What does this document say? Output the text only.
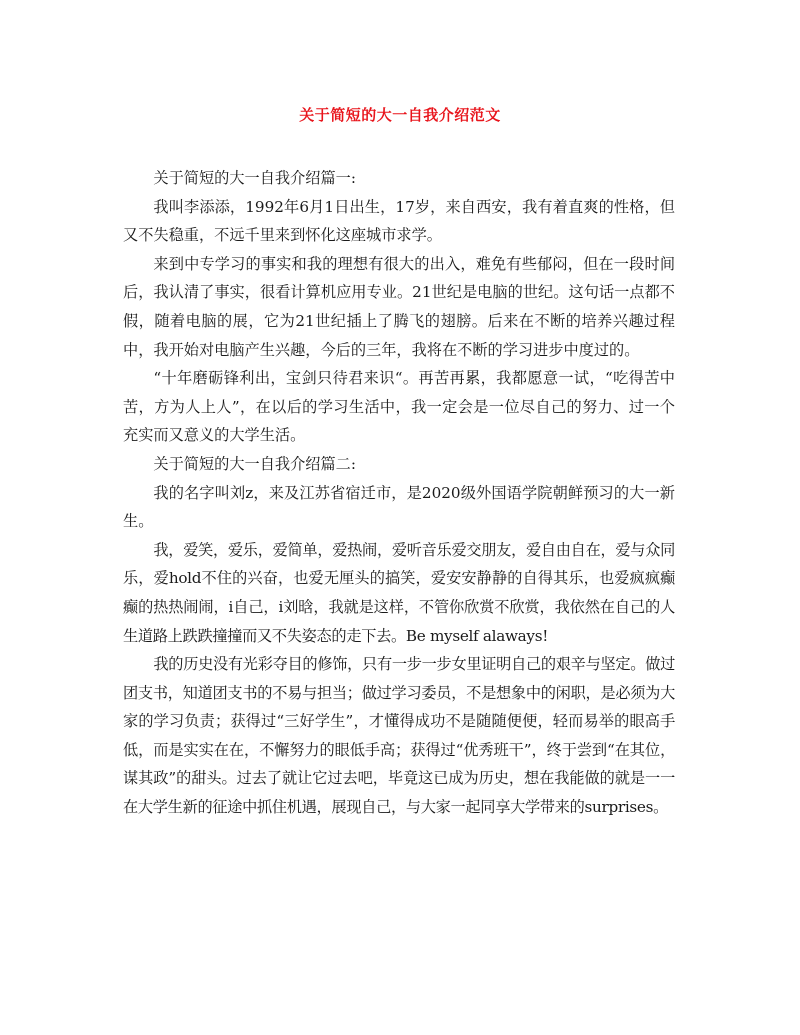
关于简短的大一自我介绍范文

关于简短的大一自我介绍篇一:

我叫李添添，1992年6月1日出生，17岁，来自西安，我有着直爽的性格，但又不失稳重，不远千里来到怀化这座城市求学。

来到中专学习的事实和我的理想有很大的出入，难免有些郁闷，但在一段时间后，我认清了事实，很看计算机应用专业。21世纪是电脑的世纪。这句话一点都不假，随着电脑的展，它为21世纪插上了腾飞的翅膀。后来在不断的培养兴趣过程中，我开始对电脑产生兴趣，今后的三年，我将在不断的学习进步中度过的。

“十年磨砺锋利出，宝剑只待君来识“。再苦再累，我都愿意一试，“吃得苦中苦，方为人上人”，在以后的学习生活中，我一定会是一位尽自己的努力、过一个充实而又意义的大学生活。

关于简短的大一自我介绍篇二:

我的名字叫刘z，来及江苏省宿迁市，是2020级外国语学院朝鲜预习的大一新生。

我，爱笑，爱乐，爱简单，爱热闹，爱听音乐爱交朋友，爱自由自在，爱与众同乐，爱hold不住的兴奋，也爱无厘头的搞笑，爱安安静静的自得其乐，也爱疯疯癫癫的热热闹闹，i自己，i刘晗，我就是这样，不管你欣赏不欣赏，我依然在自己的人生道路上跌跌撞撞而又不失姿态的走下去。Be myself alaways!

我的历史没有光彩夺目的修饰，只有一步一步女里证明自己的艰辛与坚定。做过团支书，知道团支书的不易与担当；做过学习委员，不是想象中的闲职，是必须为大家的学习负责；获得过“三好学生”，才懂得成功不是随随便便，轻而易举的眼高手低，而是实实在在，不懈努力的眼低手高；获得过“优秀班干”，终于尝到“在其位，谋其政”的甜头。过去了就让它过去吧，毕竟这已成为历史，想在我能做的就是一一在大学生新的征途中抓住机遇，展现自己，与大家一起同享大学带来的surprises。
